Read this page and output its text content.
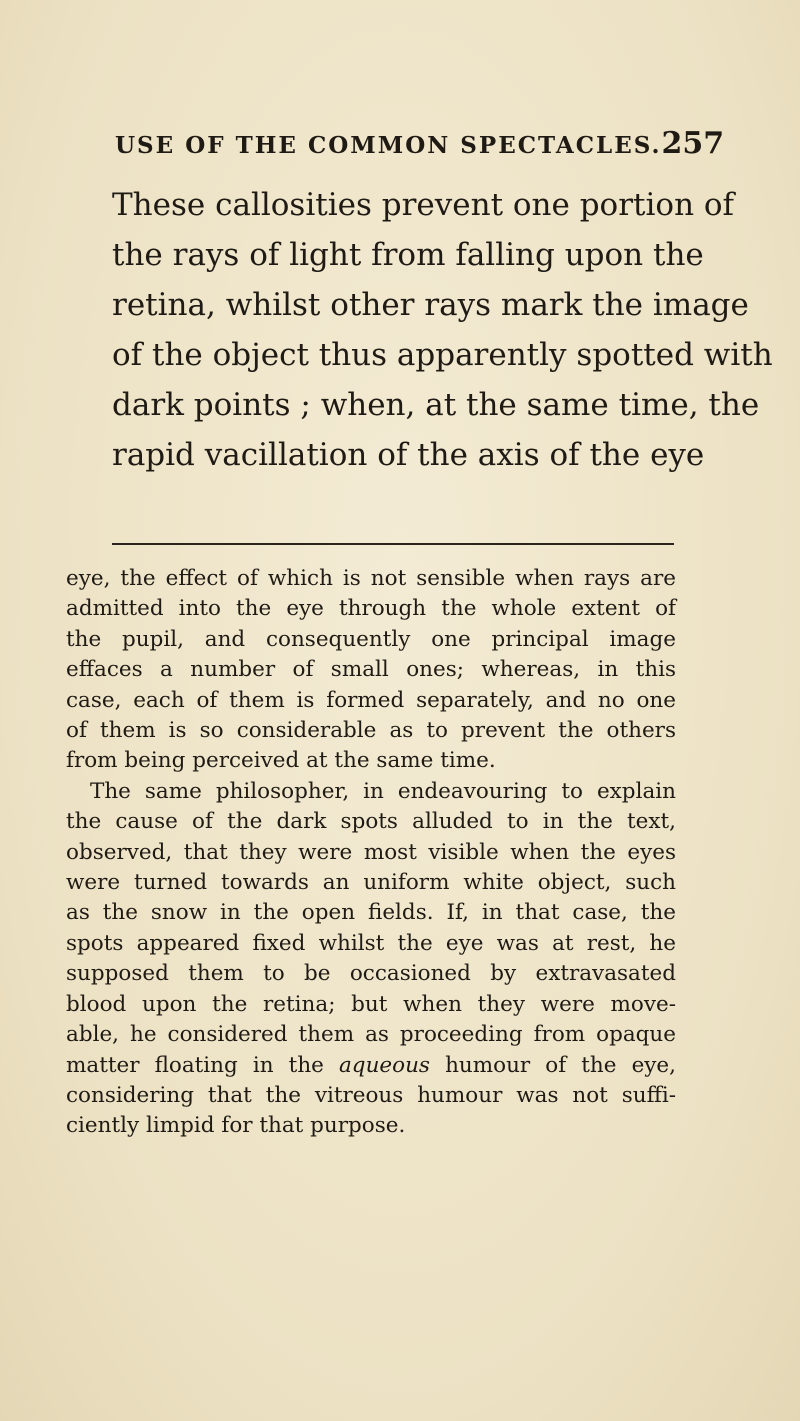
USE OF THE COMMON SPECTACLES. 257
These callosities prevent one portion of
the rays of light from falling upon the
retina, whilst other rays mark the image
of the object thus apparently spotted with
dark points ; when, at the same time, the
rapid vacillation of the axis of the eye
eye, the effect of which is not sensible when rays are
admitted into the eye through the whole extent of
the pupil, and consequently one principal image
effaces a number of small ones; whereas, in this
case, each of them is formed separately, and no one
of them is so considerable as to prevent the others
from being perceived at the same time.
The same philosopher, in endeavouring to explain
the cause of the dark spots alluded to in the text,
observed, that they were most visible when the eyes
were turned towards an uniform white object, such
as the snow in the open fields. If, in that case, the
spots appeared fixed whilst the eye was at rest, he
supposed them to be occasioned by extravasated
blood upon the retina; but when they were move-
able, he considered them as proceeding from opaque
matter floating in the aqueous humour of the eye,
considering that the vitreous humour was not suffi-
ciently limpid for that purpose.
